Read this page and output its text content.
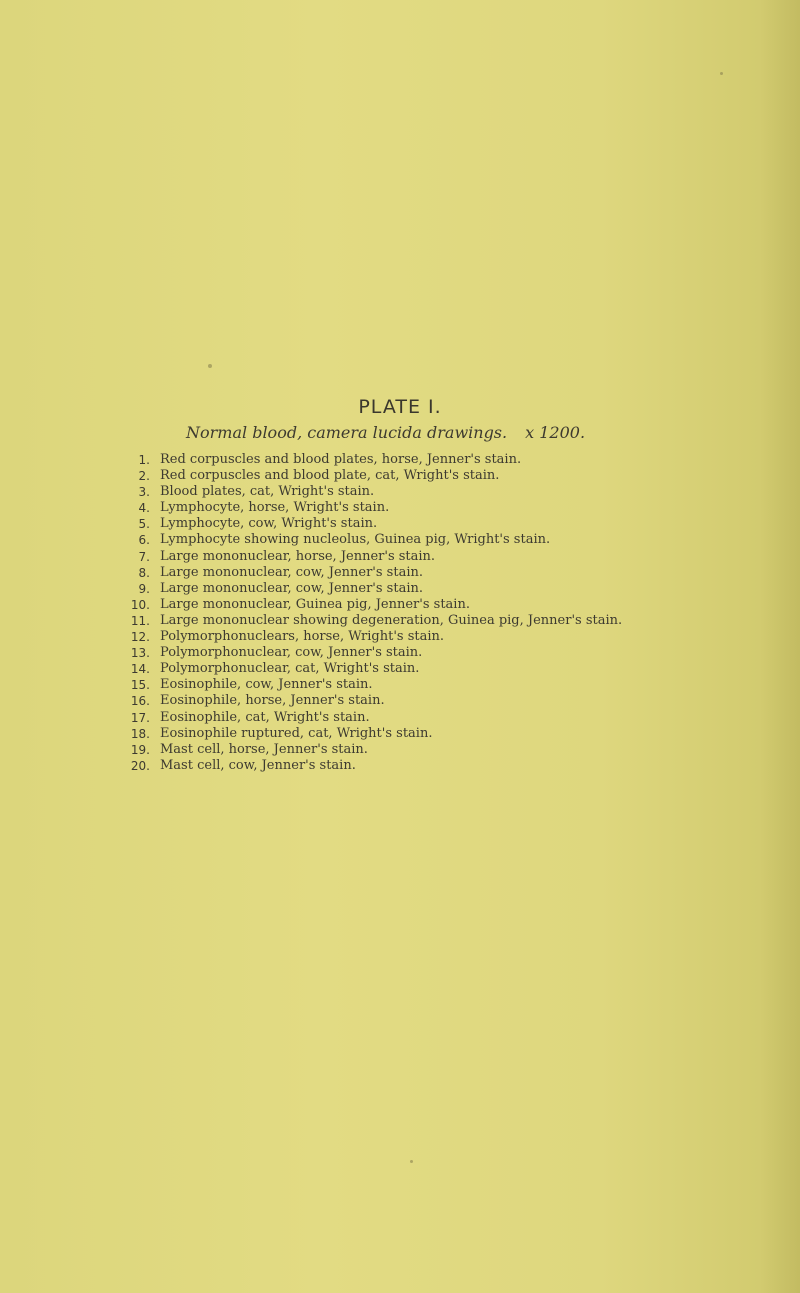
PLATE I.

Normal blood, camera lucida drawings. x 1200.

1. Red corpuscles and blood plates, horse, Jenner's stain.
2. Red corpuscles and blood plate, cat, Wright's stain.
3. Blood plates, cat, Wright's stain.
4. Lymphocyte, horse, Wright's stain.
5. Lymphocyte, cow, Wright's stain.
6. Lymphocyte showing nucleolus, Guinea pig, Wright's stain.
7. Large mononuclear, horse, Jenner's stain.
8. Large mononuclear, cow, Jenner's stain.
9. Large mononuclear, cow, Jenner's stain.
10. Large mononuclear, Guinea pig, Jenner's stain.
11. Large mononuclear showing degeneration, Guinea pig, Jenner's stain.
12. Polymorphonuclears, horse, Wright's stain.
13. Polymorphonuclear, cow, Jenner's stain.
14. Polymorphonuclear, cat, Wright's stain.
15. Eosinophile, cow, Jenner's stain.
16. Eosinophile, horse, Jenner's stain.
17. Eosinophile, cat, Wright's stain.
18. Eosinophile ruptured, cat, Wright's stain.
19. Mast cell, horse, Jenner's stain.
20. Mast cell, cow, Jenner's stain.
